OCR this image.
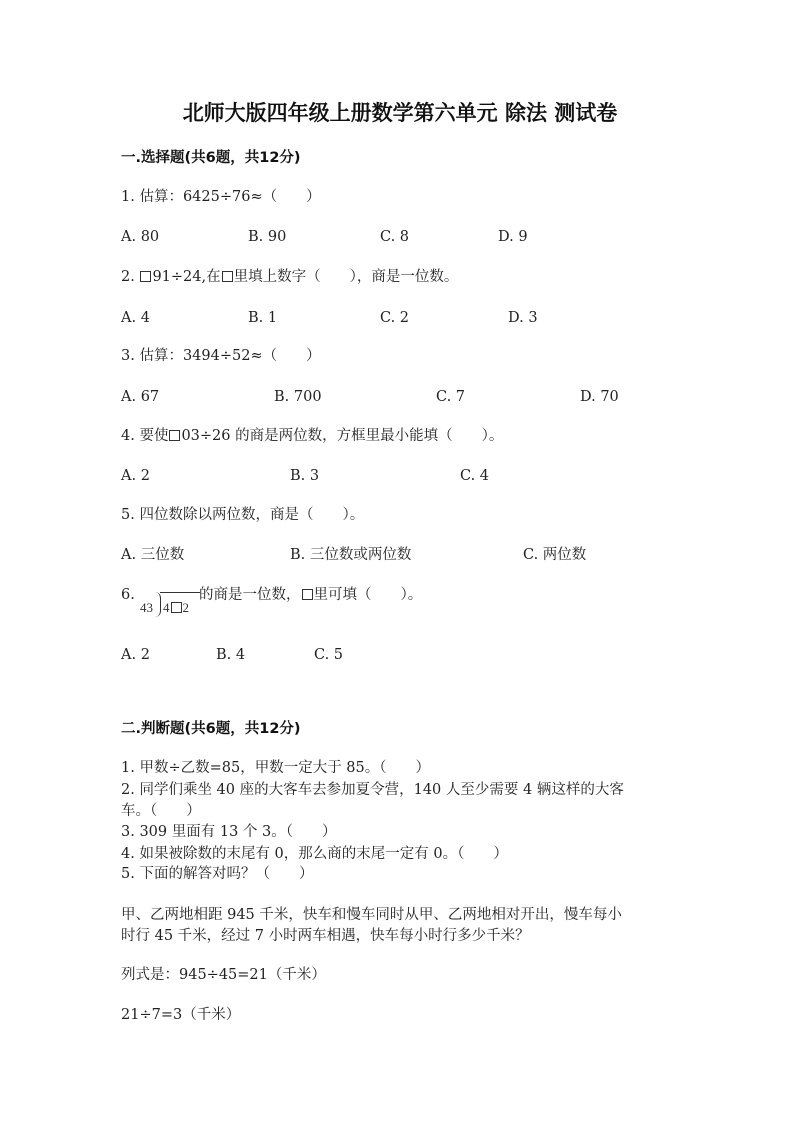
北师大版四年级上册数学第六单元 除法 测试卷
一.选择题(共6题，共12分)
1. 估算：6425÷76≈（　　）
A. 80	B. 90	C. 8	D. 9
2. 91÷24,在 里填上数字（　　），商是一位数。
A. 4	B. 1	C. 2	D. 3
3. 估算：3494÷52≈（　　）
A. 67	B. 700	C. 7	D. 70
4. 要使 03÷26 的商是两位数，方框里最小能填（　　）。
A. 2	B. 3	C. 4
5. 四位数除以两位数，商是（　　）。
A. 三位数	B. 三位数或两位数	C. 两位数
6.
43 4 2
的商是一位数， 里可填（　　）。
A. 2	B. 4	C. 5
二.判断题(共6题，共12分)
1. 甲数÷乙数=85，甲数一定大于 85。（　　）
2. 同学们乘坐 40 座的大客车去参加夏令营，140 人至少需要 4 辆这样的大客
车。（　　）
3. 309 里面有 13 个 3。（　　）
4. 如果被除数的末尾有 0，那么商的末尾一定有 0。（　　）
5. 下面的解答对吗？（　　）
甲、乙两地相距 945 千米，快车和慢车同时从甲、乙两地相对开出，慢车每小
时行 45 千米，经过 7 小时两车相遇，快车每小时行多少千米？
列式是：945÷45=21（千米）
21÷7=3（千米）
